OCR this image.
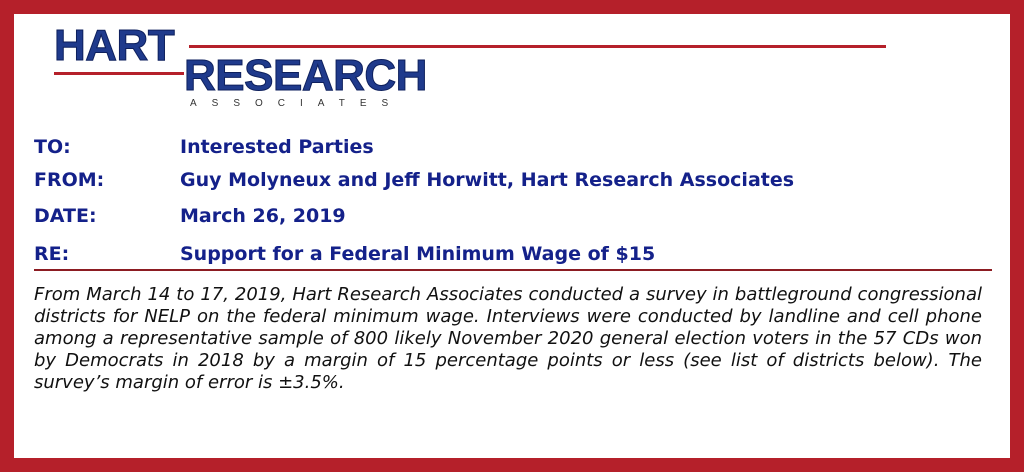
HART
RESEARCH
ASSOCIATES
TO:	Interested Parties
FROM:	Guy Molyneux and Jeff Horwitt, Hart Research Associates
DATE:	March 26, 2019
RE:	Support for a Federal Minimum Wage of $15
From March 14 to 17, 2019, Hart Research Associates conducted a survey in battleground congressional districts for NELP on the federal minimum wage. Interviews were conducted by landline and cell phone among a representative sample of 800 likely November 2020 general election voters in the 57 CDs won by Democrats in 2018 by a margin of 15 percentage points or less (see list of districts below). The survey’s margin of error is ±3.5%.
